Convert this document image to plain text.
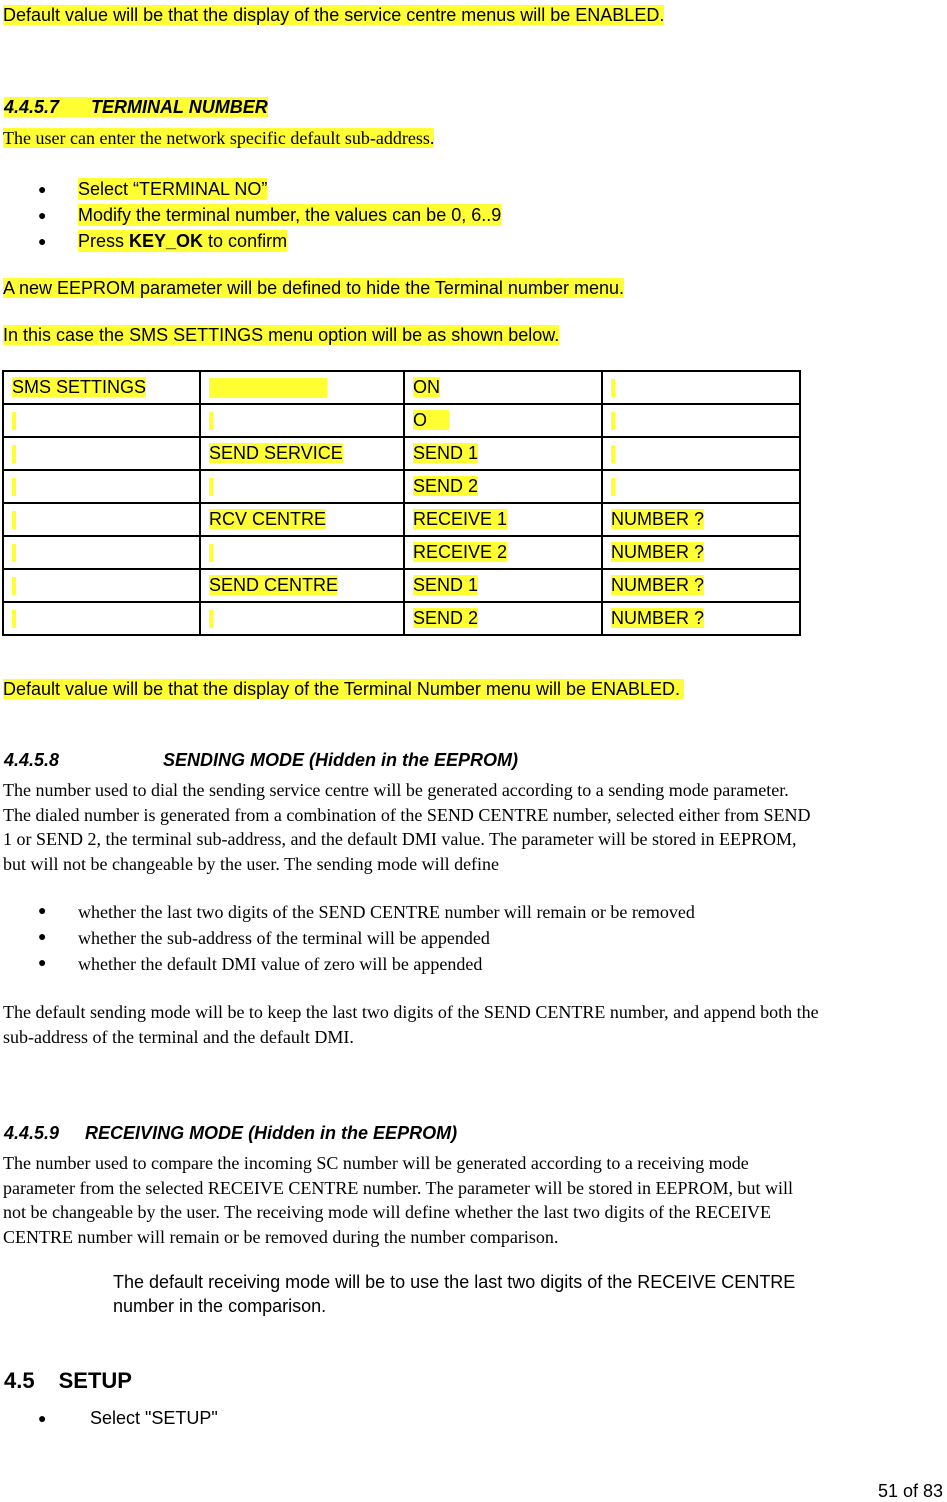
Default value will be that the display of the service centre menus will be ENABLED.
4.4.5.7 TERMINAL NUMBER
The user can enter the network specific default sub-address.
● Select “TERMINAL NO”
● Modify the terminal number, the values can be 0, 6..9
● Press KEY_OK to confirm
A new EEPROM parameter will be defined to hide the Terminal number menu.
In this case the SMS SETTINGS menu option will be as shown below.
SMS SETTINGS		ON	
		O	
	SEND SERVICE	SEND 1	
		SEND 2	
	RCV CENTRE	RECEIVE 1	NUMBER ?
		RECEIVE 2	NUMBER ?
	SEND CENTRE	SEND 1	NUMBER ?
		SEND 2	NUMBER ?
Default value will be that the display of the Terminal Number menu will be ENABLED.
4.4.5.8	SENDING MODE (Hidden in the EEPROM)
The number used to dial the sending service centre will be generated according to a sending mode parameter.
The dialed number is generated from a combination of the SEND CENTRE number, selected either from SEND
1 or SEND 2, the terminal sub-address, and the default DMI value. The parameter will be stored in EEPROM,
but will not be changeable by the user. The sending mode will define
● whether the last two digits of the SEND CENTRE number will remain or be removed
● whether the sub-address of the terminal will be appended
● whether the default DMI value of zero will be appended
The default sending mode will be to keep the last two digits of the SEND CENTRE number, and append both the
sub-address of the terminal and the default DMI.
4.4.5.9 RECEIVING MODE (Hidden in the EEPROM)
The number used to compare the incoming SC number will be generated according to a receiving mode
parameter from the selected RECEIVE CENTRE number. The parameter will be stored in EEPROM, but will
not be changeable by the user. The receiving mode will define whether the last two digits of the RECEIVE
CENTRE number will remain or be removed during the number comparison.
The default receiving mode will be to use the last two digits of the RECEIVE CENTRE
number in the comparison.
4.5 SETUP
● Select "SETUP"
51 of 83
